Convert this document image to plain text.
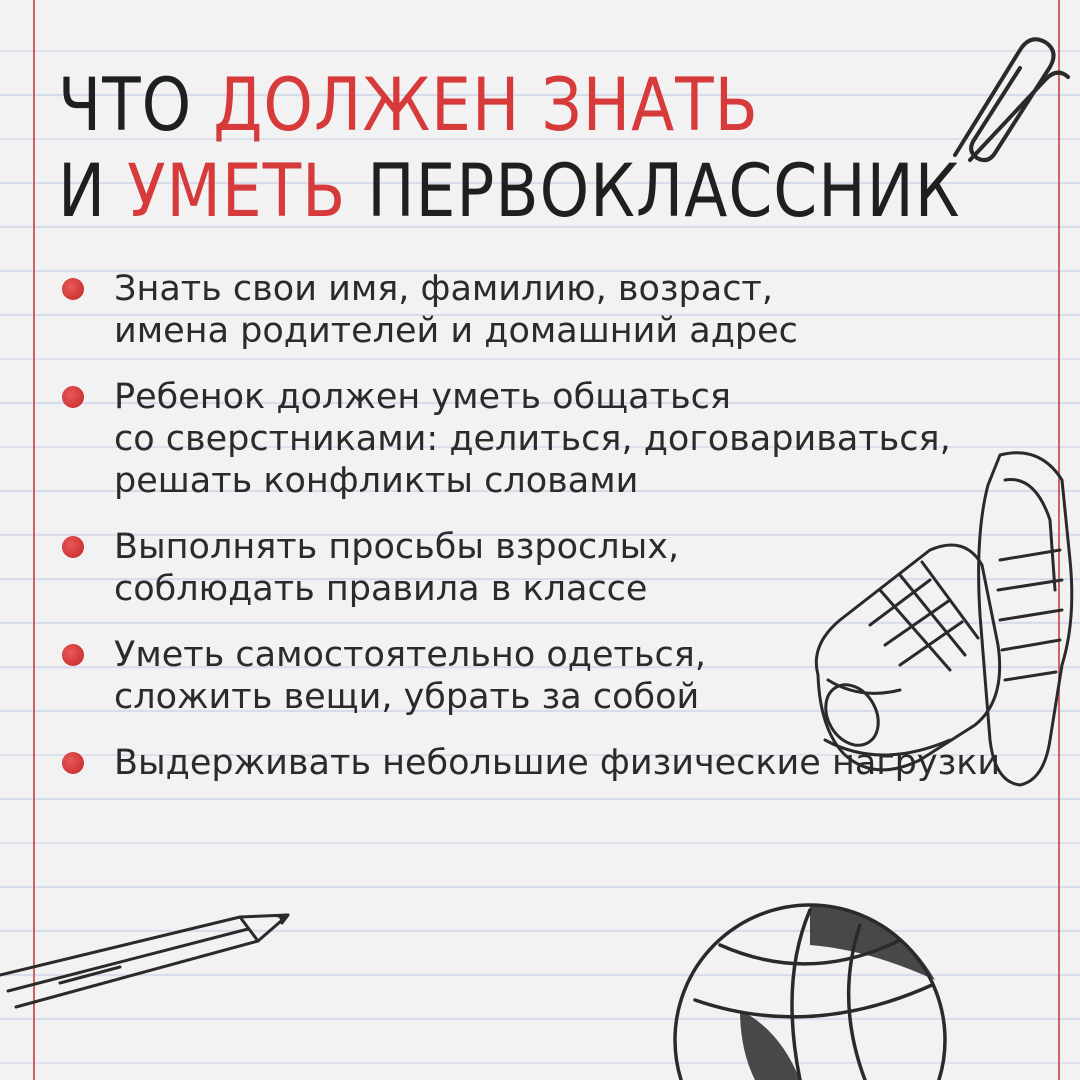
ЧТО ДОЛЖЕН ЗНАТЬ
И УМЕТЬ ПЕРВОКЛАССНИК
Знать свои имя, фамилию, возраст,
имена родителей и домашний адрес
Ребенок должен уметь общаться
со сверстниками: делиться, договариваться,
решать конфликты словами
Выполнять просьбы взрослых,
соблюдать правила в классе
Уметь самостоятельно одеться,
сложить вещи, убрать за собой
Выдерживать небольшие физические нагрузки
